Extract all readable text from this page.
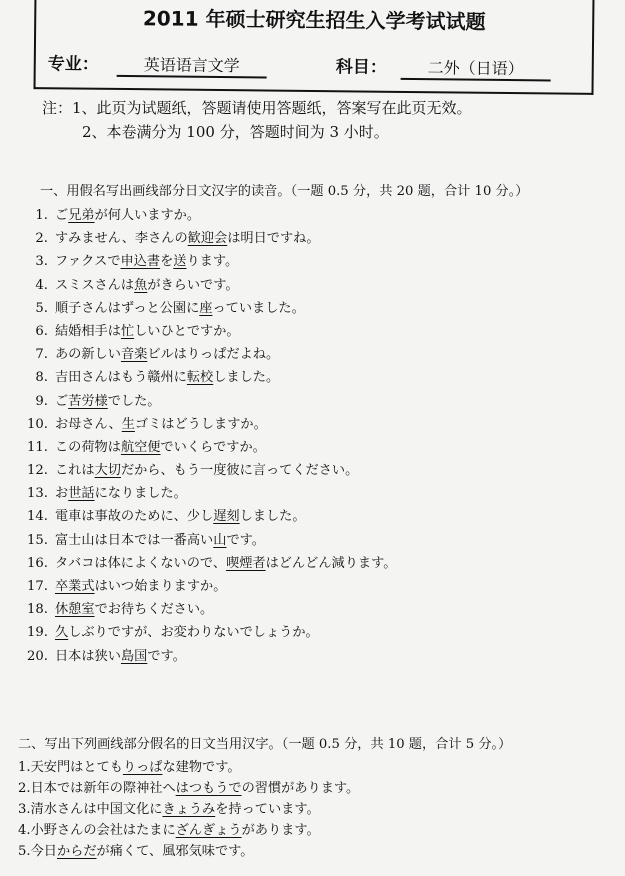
2011 年硕士研究生招生入学考试试题
专业：	英语语言文学	科目：	二外（日语）
注：1、此页为试题纸，答题请使用答题纸，答案写在此页无效。
2、本卷满分为 100 分，答题时间为 3 小时。
一、用假名写出画线部分日文汉字的读音。（一题 0.5 分，共 20 题，合计 10 分。）
1. ご兄弟が何人いますか。
2. すみません、李さんの歓迎会は明日ですね。
3. ファクスで申込書を送ります。
4. スミスさんは魚がきらいです。
5. 順子さんはずっと公園に座っていました。
6. 結婚相手は忙しいひとですか。
7. あの新しい音楽ビルはりっぱだよね。
8. 吉田さんはもう赣州に転校しました。
9. ご苦労様でした。
10. お母さん、生ゴミはどうしますか。
11. この荷物は航空便でいくらですか。
12. これは大切だから、もう一度彼に言ってください。
13. お世話になりました。
14. 電車は事故のために、少し遅刻しました。
15. 富士山は日本では一番高い山です。
16. タバコは体によくないので、喫煙者はどんどん減ります。
17. 卒業式はいつ始まりますか。
18. 休憩室でお待ちください。
19. 久しぶりですが、お変わりないでしょうか。
20. 日本は狭い島国です。
二、写出下列画线部分假名的日文当用汉字。（一题 0.5 分，共 10 题，合计 5 分。）
1.天安門はとてもりっぱな建物です。
2.日本では新年の際神社へはつもうでの習慣があります。
3.清水さんは中国文化にきょうみを持っています。
4.小野さんの会社はたまにざんぎょうがあります。
5.今日からだが痛くて、風邪気味です。
